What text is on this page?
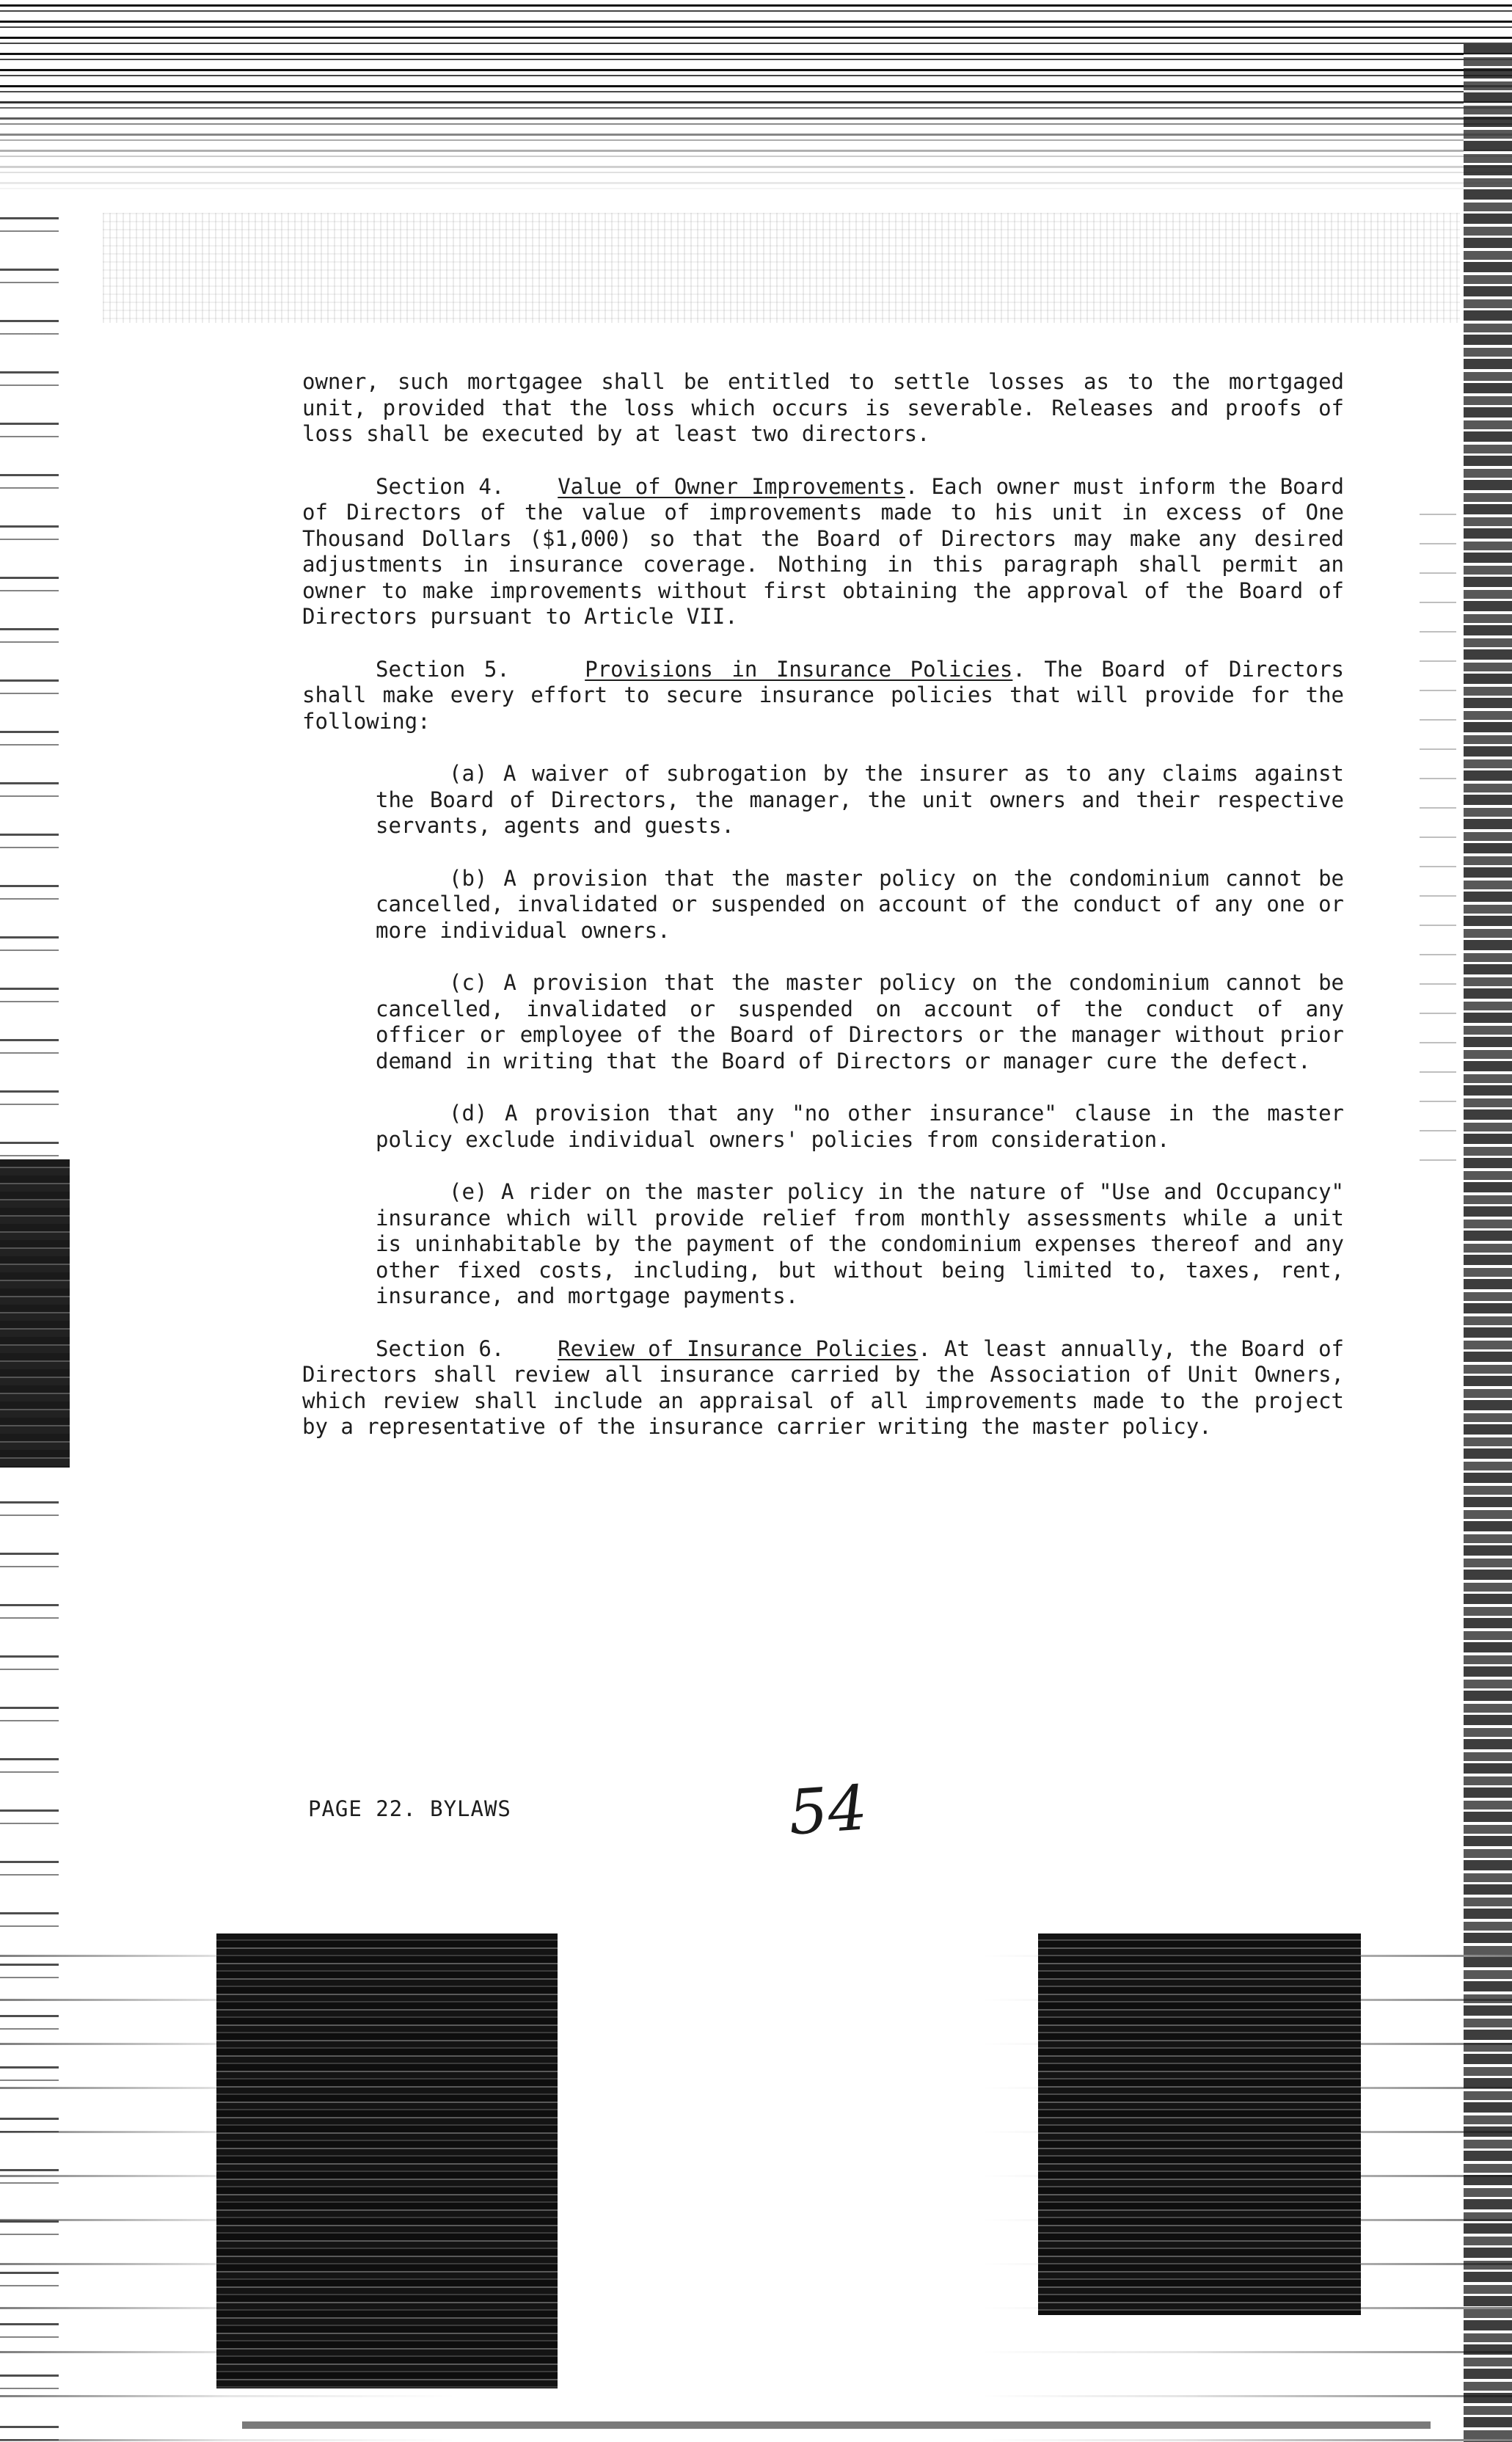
owner, such mortgagee shall be entitled to settle losses as to the mortgaged unit, provided that the loss which occurs is severable. Releases and proofs of loss shall be executed by at least two directors.

Section 4.	Value of Owner Improvements. Each owner must inform the Board of Directors of the value of improvements made to his unit in excess of One Thousand Dollars ($1,000) so that the Board of Directors may make any desired adjustments in insurance coverage. Nothing in this paragraph shall permit an owner to make improvements without first obtaining the approval of the Board of Directors pursuant to Article VII.

Section 5.	Provisions in Insurance Policies. The Board of Directors shall make every effort to secure insurance policies that will provide for the following:

(a) A waiver of subrogation by the insurer as to any claims against the Board of Directors, the manager, the unit owners and their respective servants, agents and guests.

(b) A provision that the master policy on the condominium cannot be cancelled, invalidated or suspended on account of the conduct of any one or more individual owners.

(c) A provision that the master policy on the condominium cannot be cancelled, invalidated or suspended on account of the conduct of any officer or employee of the Board of Directors or the manager without prior demand in writing that the Board of Directors or manager cure the defect.

(d) A provision that any "no other insurance" clause in the master policy exclude individual owners' policies from consideration.

(e) A rider on the master policy in the nature of "Use and Occupancy" insurance which will provide relief from monthly assessments while a unit is uninhabitable by the payment of the condominium expenses thereof and any other fixed costs, including, but without being limited to, taxes, rent, insurance, and mortgage payments.

Section 6.	Review of Insurance Policies. At least annually, the Board of Directors shall review all insurance carried by the Association of Unit Owners, which review shall include an appraisal of all improvements made to the project by a representative of the insurance carrier writing the master policy.

PAGE 22. BYLAWS	54
